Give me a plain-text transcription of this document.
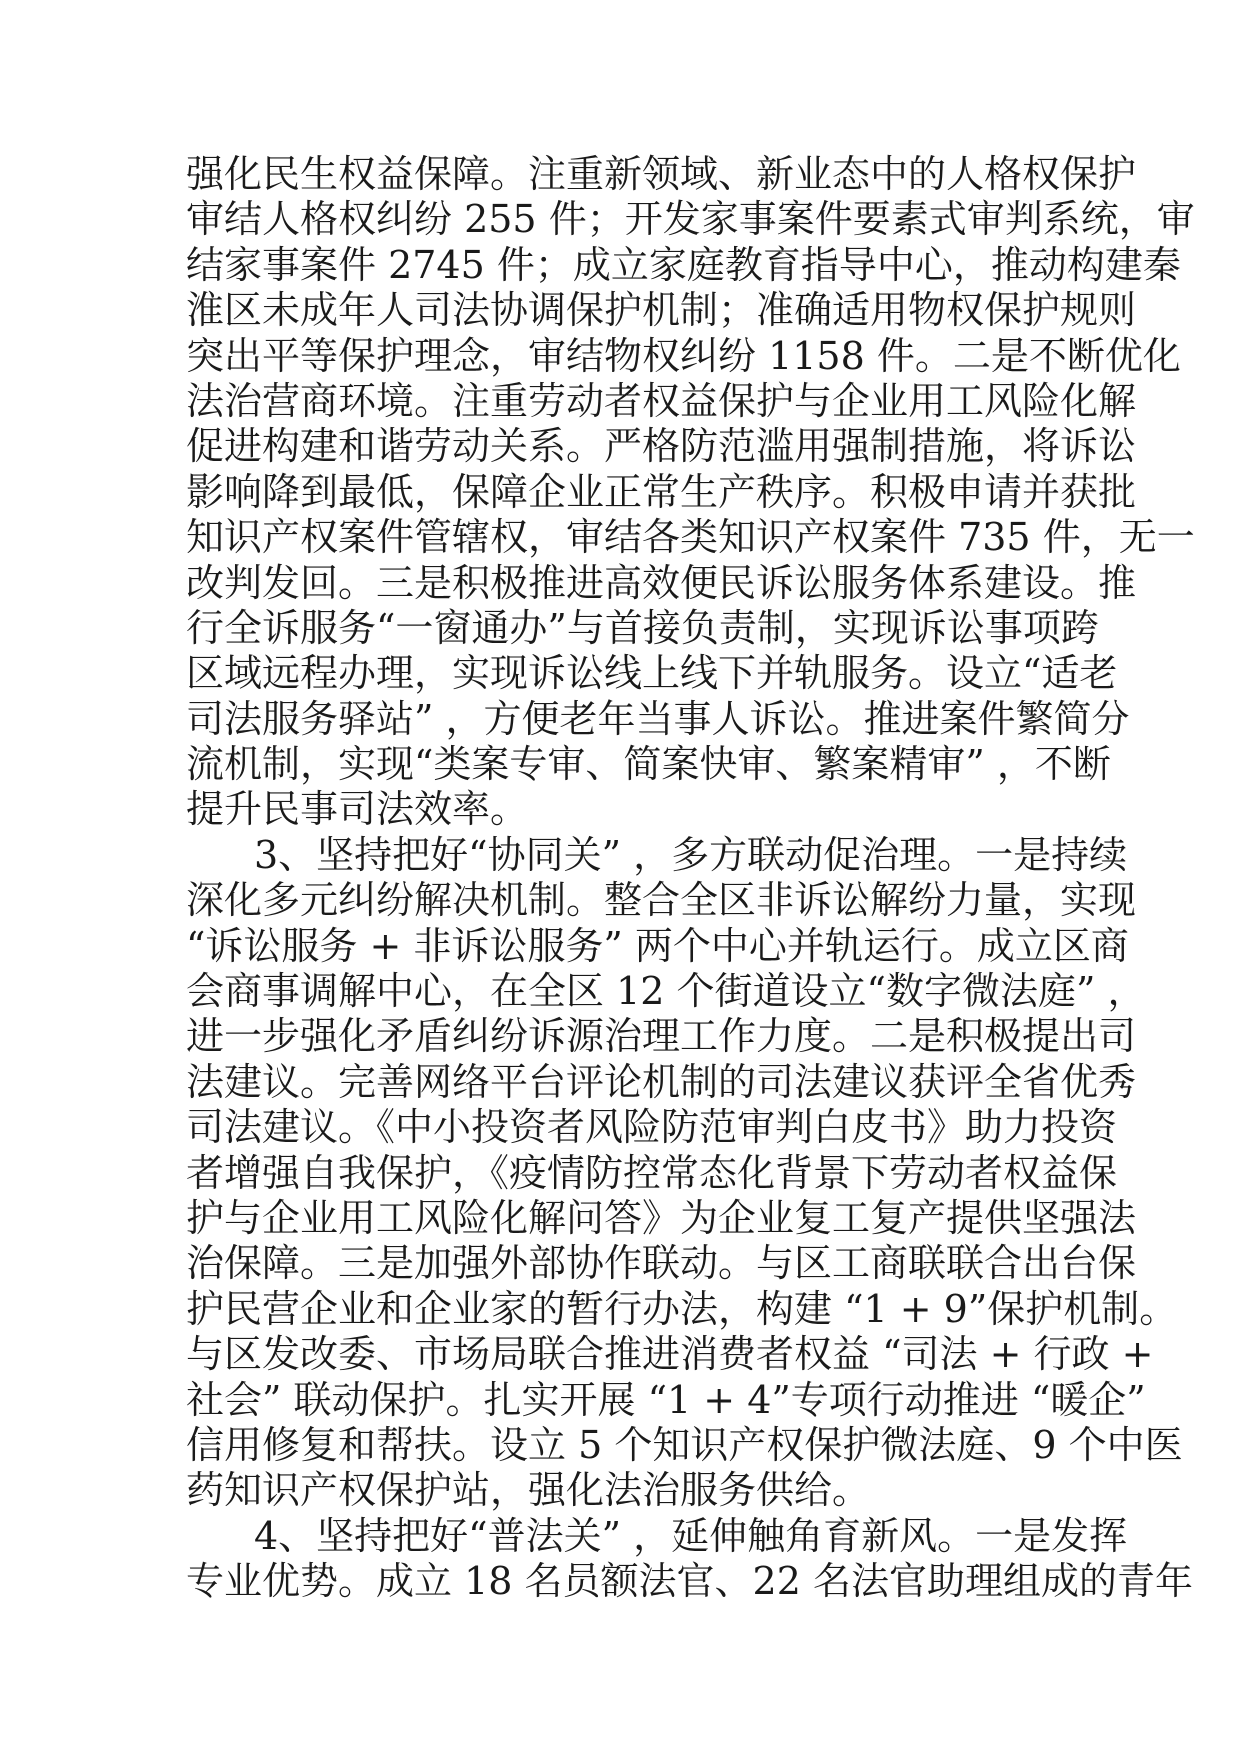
强化民生权益保障。注重新领域、新业态中的人格权保护
审结人格权纠纷 255 件；开发家事案件要素式审判系统，审
结家事案件 2745 件；成立家庭教育指导中心，推动构建秦
淮区未成年人司法协调保护机制；准确适用物权保护规则
突出平等保护理念，审结物权纠纷 1158 件。二是不断优化
法治营商环境。注重劳动者权益保护与企业用工风险化解
促进构建和谐劳动关系。严格防范滥用强制措施，将诉讼
影响降到最低，保障企业正常生产秩序。积极申请并获批
知识产权案件管辖权，审结各类知识产权案件 735 件，无一
改判发回。三是积极推进高效便民诉讼服务体系建设。推
行全诉服务“一窗通办”与首接负责制，实现诉讼事项跨
区域远程办理，实现诉讼线上线下并轨服务。设立“适老
司法服务驿站” ，方便老年当事人诉讼。推进案件繁简分
流机制，实现“类案专审、简案快审、繁案精审” ，不断
提升民事司法效率。
3、坚持把好“协同关” ，多方联动促治理。一是持续
深化多元纠纷解决机制。整合全区非诉讼解纷力量，实现
“诉讼服务 + 非诉讼服务” 两个中心并轨运行。成立区商
会商事调解中心，在全区 12 个街道设立“数字微法庭” ，
进一步强化矛盾纠纷诉源治理工作力度。二是积极提出司
法建议。完善网络平台评论机制的司法建议获评全省优秀
司法建议。《中小投资者风险防范审判白皮书》助力投资
者增强自我保护，《疫情防控常态化背景下劳动者权益保
护与企业用工风险化解问答》为企业复工复产提供坚强法
治保障。三是加强外部协作联动。与区工商联联合出台保
护民营企业和企业家的暂行办法，构建 “1 + 9”保护机制。
与区发改委、市场局联合推进消费者权益 “司法 + 行政 +
社会” 联动保护。扎实开展 “1 + 4”专项行动推进 “暖企”
信用修复和帮扶。设立 5 个知识产权保护微法庭、9 个中医
药知识产权保护站，强化法治服务供给。
4、坚持把好“普法关” ，延伸触角育新风。一是发挥
专业优势。成立 18 名员额法官、22 名法官助理组成的青年
